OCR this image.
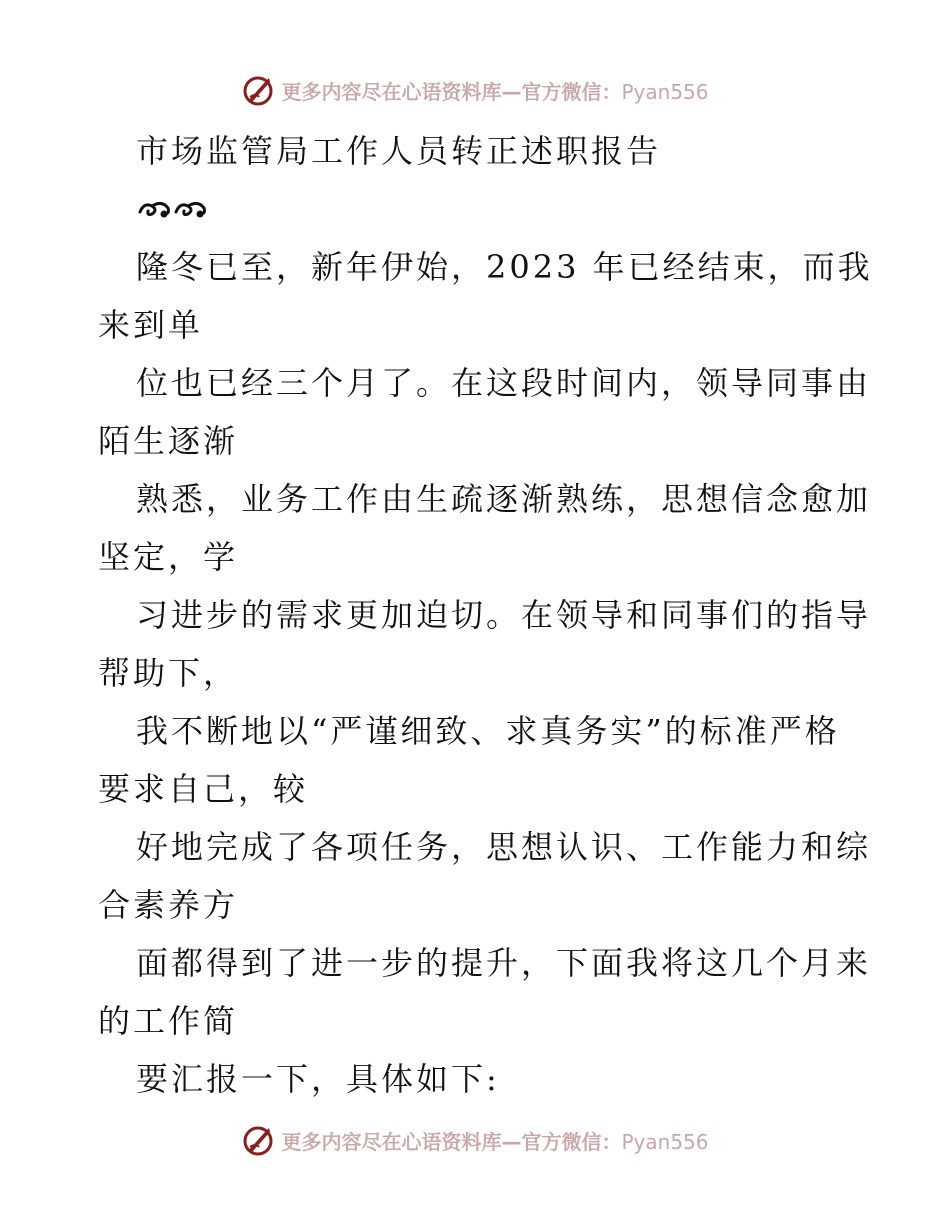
更多内容尽在心语资料库—官方微信：Pyan556
市场监管局工作人员转正述职报告
隆冬已至，新年伊始，2023 年已经结束，而我
来到单
位也已经三个月了。在这段时间内，领导同事由
陌生逐渐
熟悉，业务工作由生疏逐渐熟练，思想信念愈加
坚定，学
习进步的需求更加迫切。在领导和同事们的指导
帮助下，
我不断地以“严谨细致、求真务实”的标准严格
要求自己，较
好地完成了各项任务，思想认识、工作能力和综
合素养方
面都得到了进一步的提升，下面我将这几个月来
的工作简
要汇报一下，具体如下:
更多内容尽在心语资料库—官方微信：Pyan556
